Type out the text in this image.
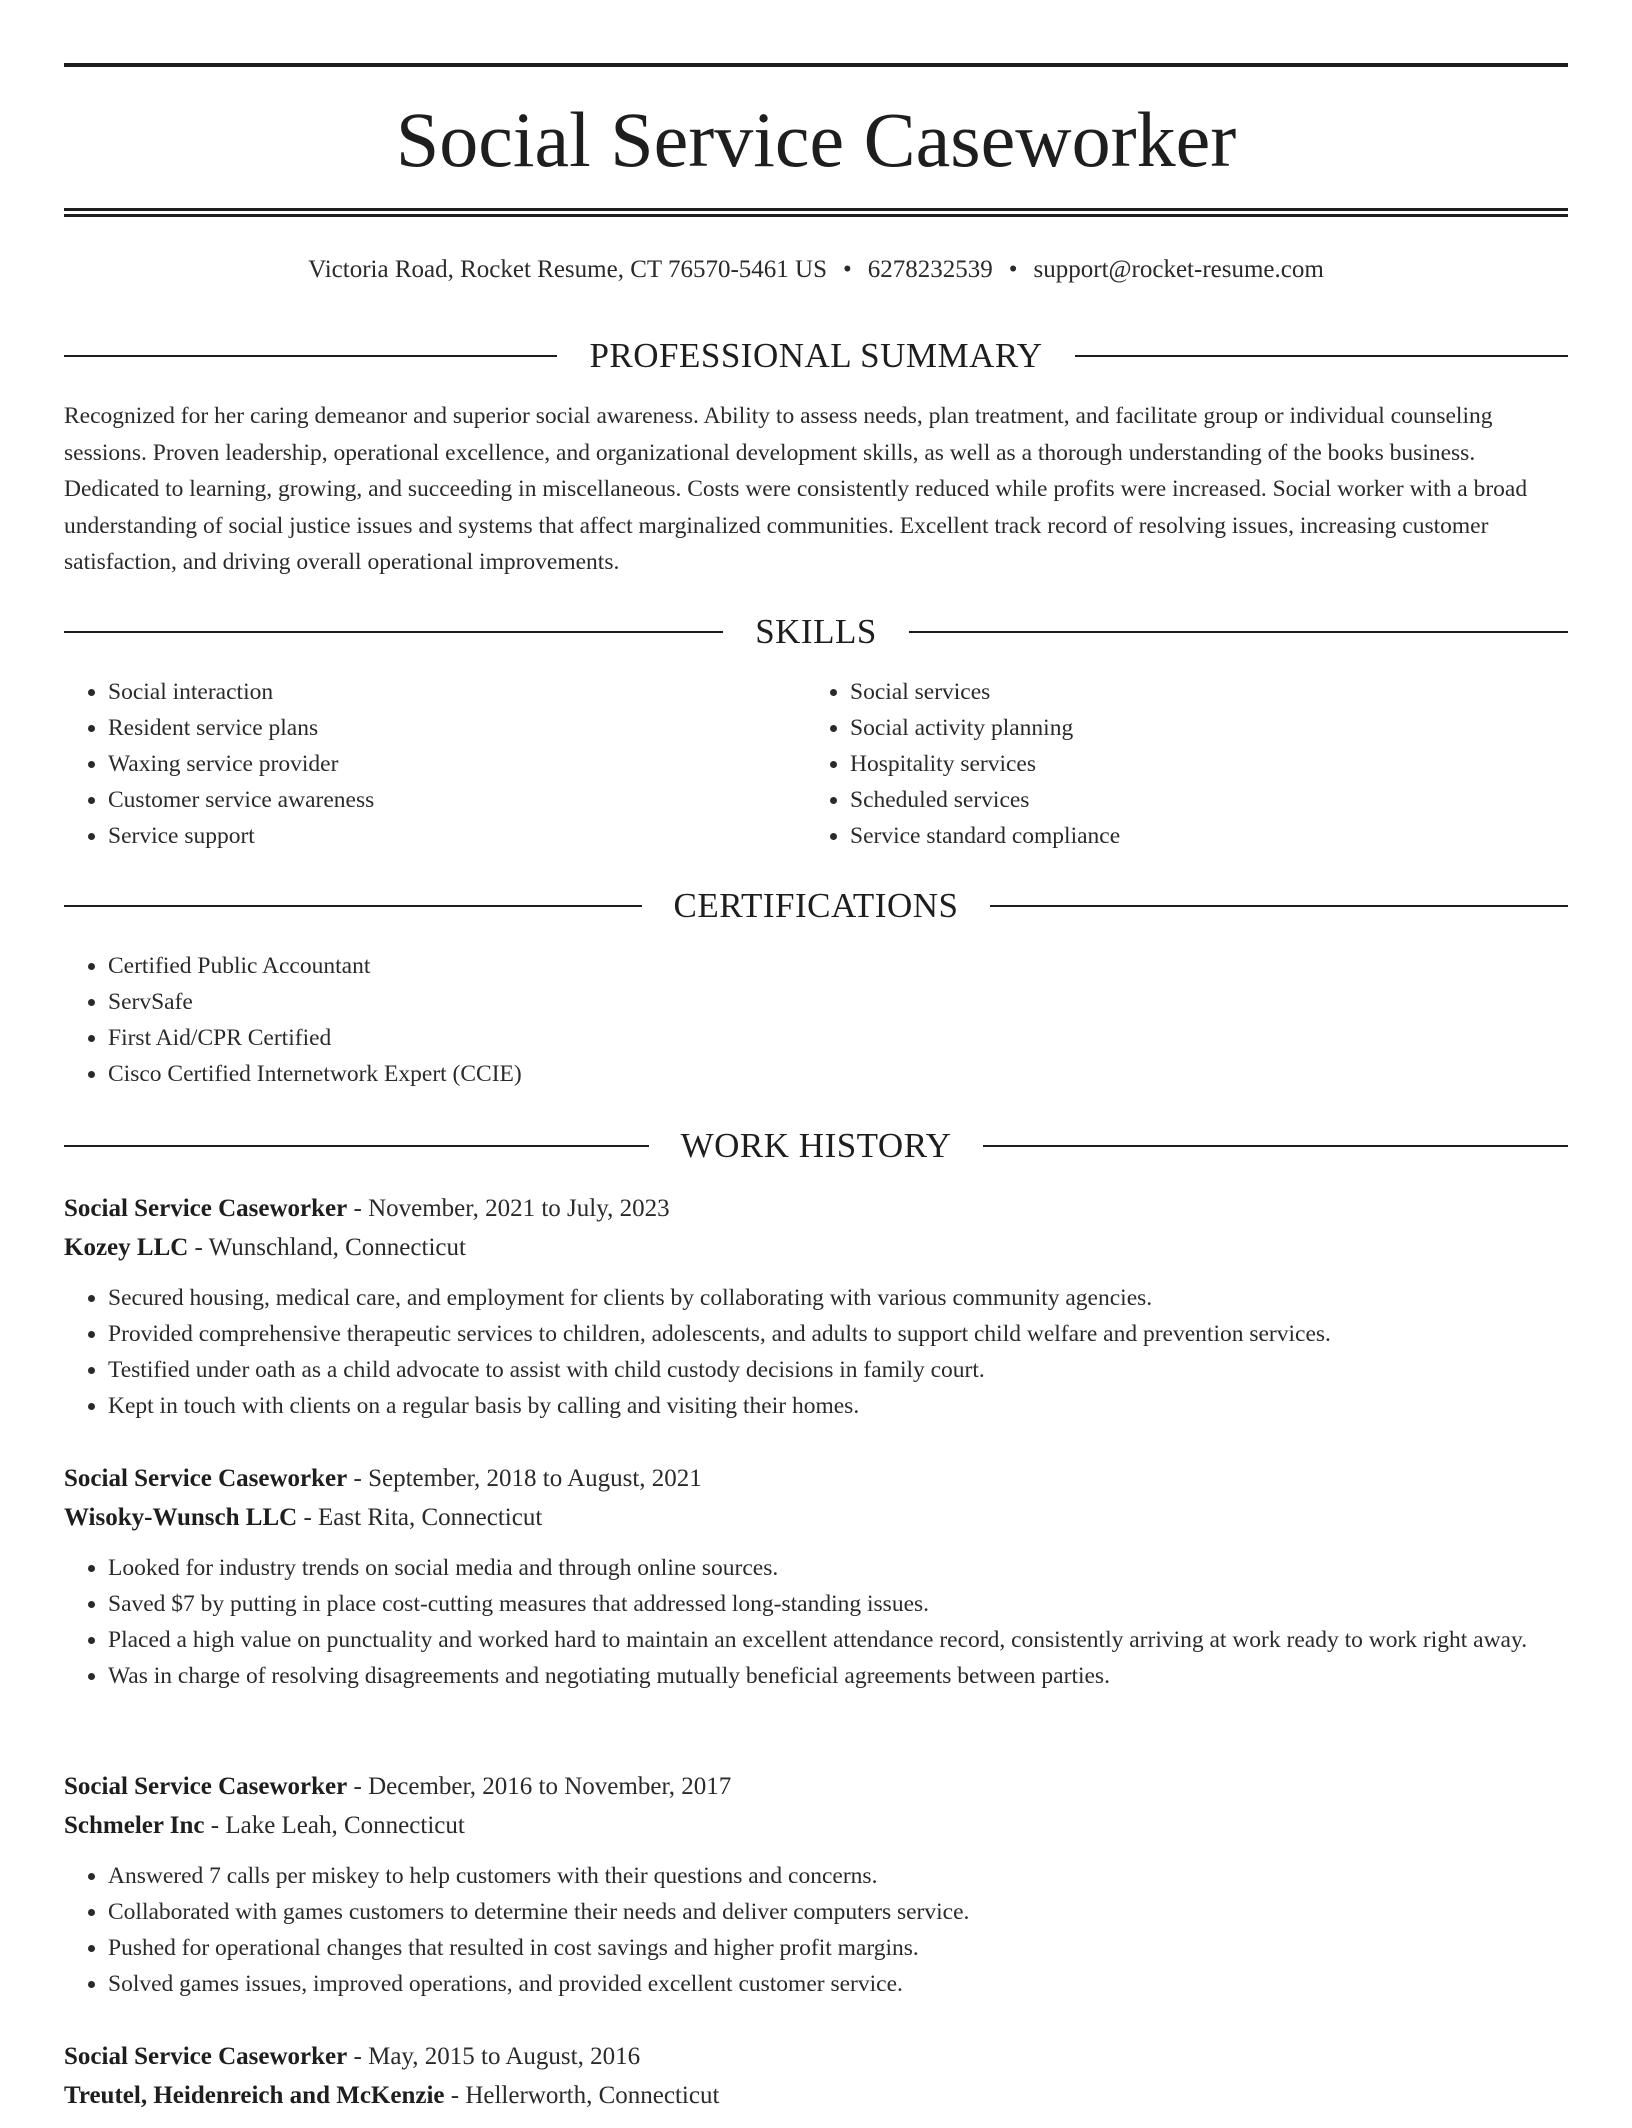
Social Service Caseworker
Victoria Road, Rocket Resume, CT 76570-5461 US • 6278232539 • support@rocket-resume.com
PROFESSIONAL SUMMARY

Recognized for her caring demeanor and superior social awareness. Ability to assess needs, plan treatment, and facilitate group or individual counseling sessions. Proven leadership, operational excellence, and organizational development skills, as well as a thorough understanding of the books business. Dedicated to learning, growing, and succeeding in miscellaneous. Costs were consistently reduced while profits were increased. Social worker with a broad understanding of social justice issues and systems that affect marginalized communities. Excellent track record of resolving issues, increasing customer satisfaction, and driving overall operational improvements.

SKILLS
• Social interaction
• Resident service plans
• Waxing service provider
• Customer service awareness
• Service support
• Social services
• Social activity planning
• Hospitality services
• Scheduled services
• Service standard compliance
CERTIFICATIONS
• Certified Public Accountant
• ServSafe
• First Aid/CPR Certified
• Cisco Certified Internetwork Expert (CCIE)
WORK HISTORY
Social Service Caseworker - November, 2021 to July, 2023
Kozey LLC - Wunschland, Connecticut
• Secured housing, medical care, and employment for clients by collaborating with various community agencies.
• Provided comprehensive therapeutic services to children, adolescents, and adults to support child welfare and prevention services.
• Testified under oath as a child advocate to assist with child custody decisions in family court.
• Kept in touch with clients on a regular basis by calling and visiting their homes.
Social Service Caseworker - September, 2018 to August, 2021
Wisoky-Wunsch LLC - East Rita, Connecticut
• Looked for industry trends on social media and through online sources.
• Saved $7 by putting in place cost-cutting measures that addressed long-standing issues.
• Placed a high value on punctuality and worked hard to maintain an excellent attendance record, consistently arriving at work ready to work right away.
• Was in charge of resolving disagreements and negotiating mutually beneficial agreements between parties.
Social Service Caseworker - December, 2016 to November, 2017
Schmeler Inc - Lake Leah, Connecticut
• Answered 7 calls per miskey to help customers with their questions and concerns.
• Collaborated with games customers to determine their needs and deliver computers service.
• Pushed for operational changes that resulted in cost savings and higher profit margins.
• Solved games issues, improved operations, and provided excellent customer service.
Social Service Caseworker - May, 2015 to August, 2016
Treutel, Heidenreich and McKenzie - Hellerworth, Connecticut
